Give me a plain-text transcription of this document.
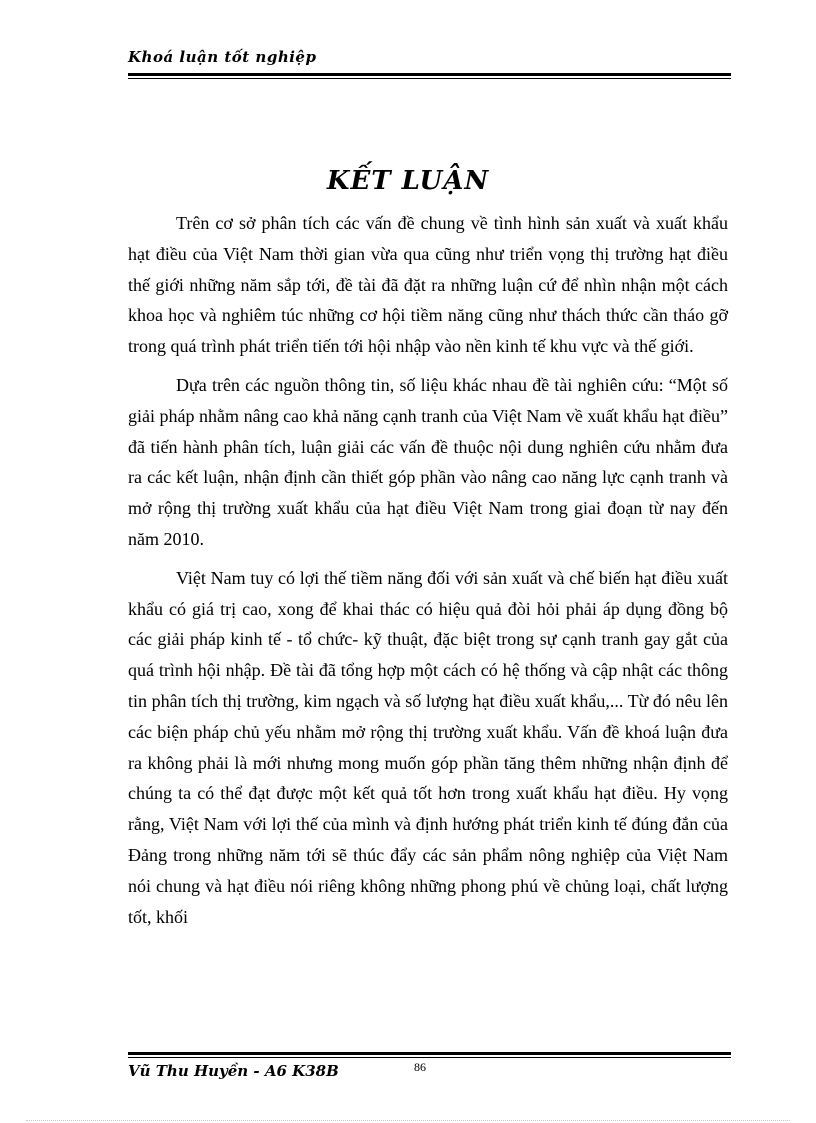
Khoá luận tốt nghiệp
KẾT LUẬN

Trên cơ sở phân tích các vấn đề chung về tình hình sản xuất và xuất khẩu hạt điều của Việt Nam thời gian vừa qua cũng như triển vọng thị trường hạt điều thế giới những năm sắp tới, đề tài đã đặt ra những luận cứ để nhìn nhận một cách khoa học và nghiêm túc những cơ hội tiềm năng cũng như thách thức cần tháo gỡ trong quá trình phát triển tiến tới hội nhập vào nền kinh tế khu vực và thế giới.

Dựa trên các nguồn thông tin, số liệu khác nhau đề tài nghiên cứu: “Một số giải pháp nhằm nâng cao khả năng cạnh tranh của Việt Nam về xuất khẩu hạt điều” đã tiến hành phân tích, luận giải các vấn đề thuộc nội dung nghiên cứu nhằm đưa ra các kết luận, nhận định cần thiết góp phần vào nâng cao năng lực cạnh tranh và mở rộng thị trường xuất khẩu của hạt điều Việt Nam trong giai đoạn từ nay đến năm 2010.

Việt Nam tuy có lợi thế tiềm năng đối với sản xuất và chế biến hạt điều xuất khẩu có giá trị cao, xong để khai thác có hiệu quả đòi hỏi phải áp dụng đồng bộ các giải pháp kinh tế - tổ chức- kỹ thuật, đặc biệt trong sự cạnh tranh gay gắt của quá trình hội nhập. Đề tài đã tổng hợp một cách có hệ thống và cập nhật các thông tin phân tích thị trường, kim ngạch và số lượng hạt điều xuất khẩu,... Từ đó nêu lên các biện pháp chủ yếu nhằm mở rộng thị trường xuất khẩu. Vấn đề khoá luận đưa ra không phải là mới nhưng mong muốn góp phần tăng thêm những nhận định để chúng ta có thể đạt được một kết quả tốt hơn trong xuất khẩu hạt điều. Hy vọng rằng, Việt Nam với lợi thế của mình và định hướng phát triển kinh tế đúng đắn của Đảng trong những năm tới sẽ thúc đẩy các sản phẩm nông nghiệp của Việt Nam nói chung và hạt điều nói riêng không những phong phú về chủng loại, chất lượng tốt, khối

Vũ Thu Huyền - A6 K38B	86
